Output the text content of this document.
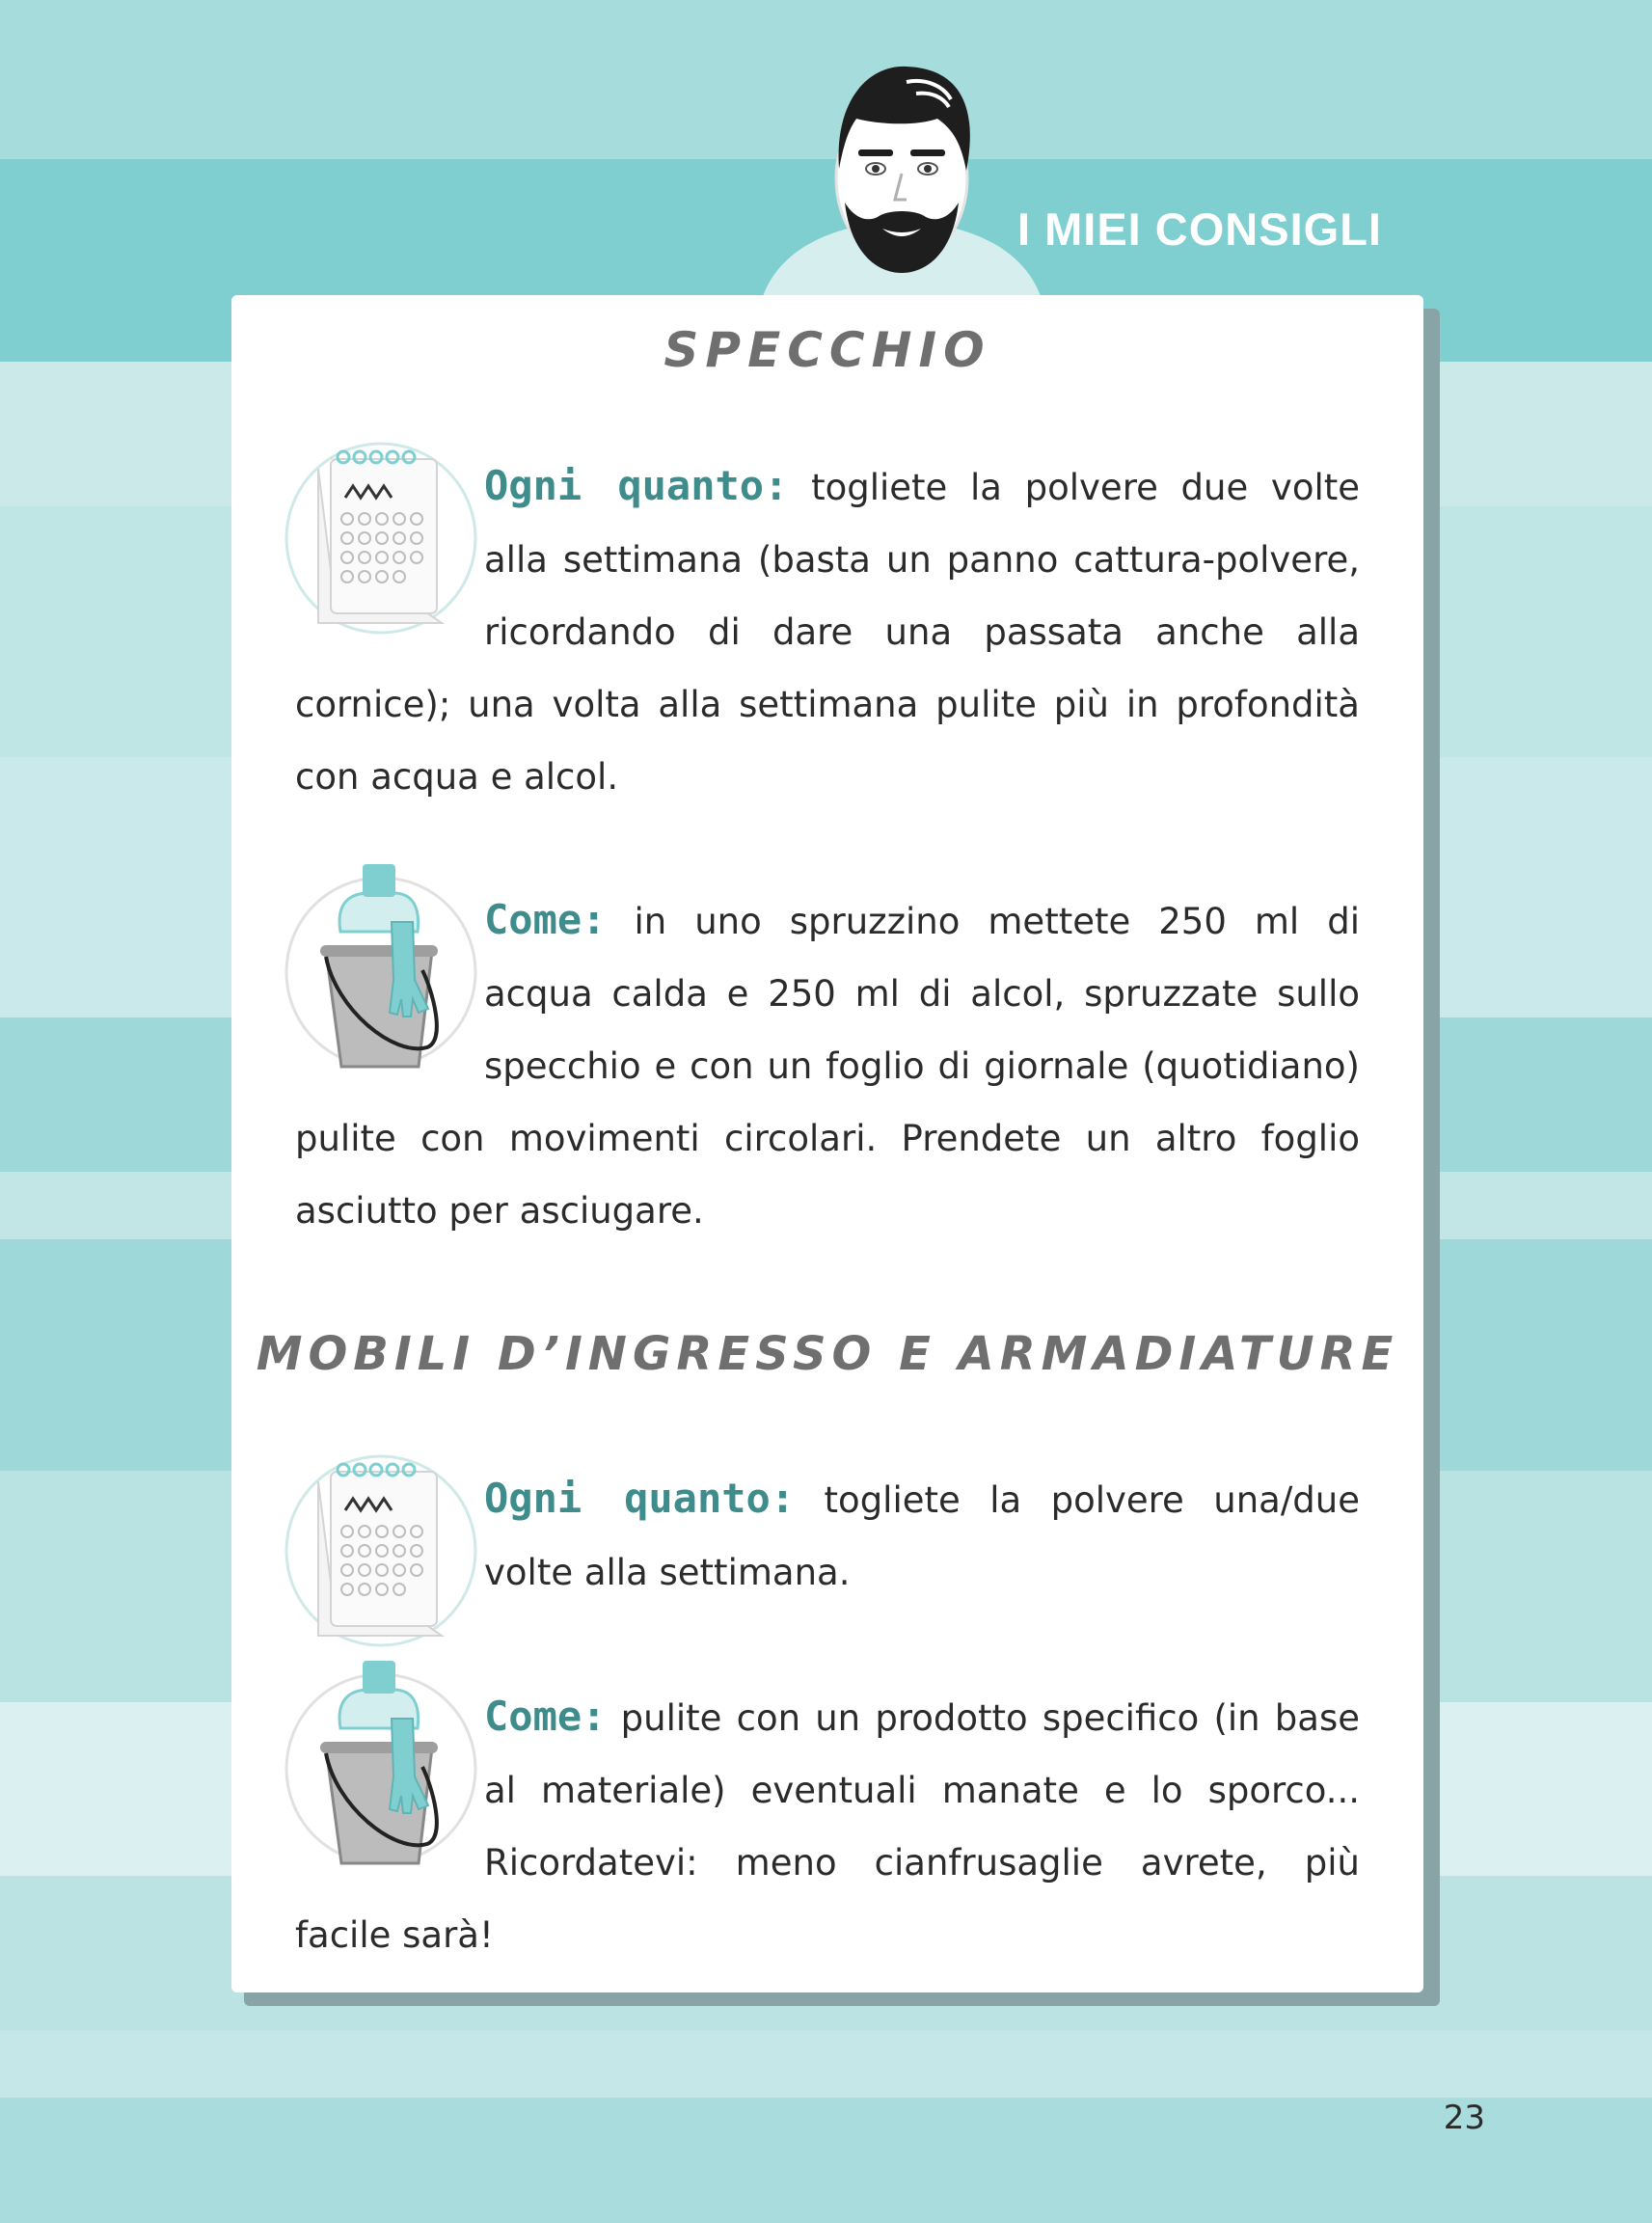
I MIEI CONSIGLI
SPECCHIO

Ogni quanto: togliete la polvere due volte alla settimana (basta un panno cattura-polvere, ricordando di dare una passata anche alla cornice); una volta alla settimana pulite più in profondità con acqua e alcol.

Come: in uno spruzzino mettete 250 ml di acqua calda e 250 ml di alcol, spruzzate sullo specchio e con un foglio di giornale (quotidiano) pulite con movimenti circolari. Prendete un altro foglio asciutto per asciugare.

MOBILI D’INGRESSO E ARMADIATURE

Ogni quanto: togliete la polvere una/due volte alla settimana.

Come: pulite con un prodotto specifico (in base al materiale) eventuali manate e lo sporco... Ricordatevi: meno cianfrusaglie avrete, più facile sarà!

23
